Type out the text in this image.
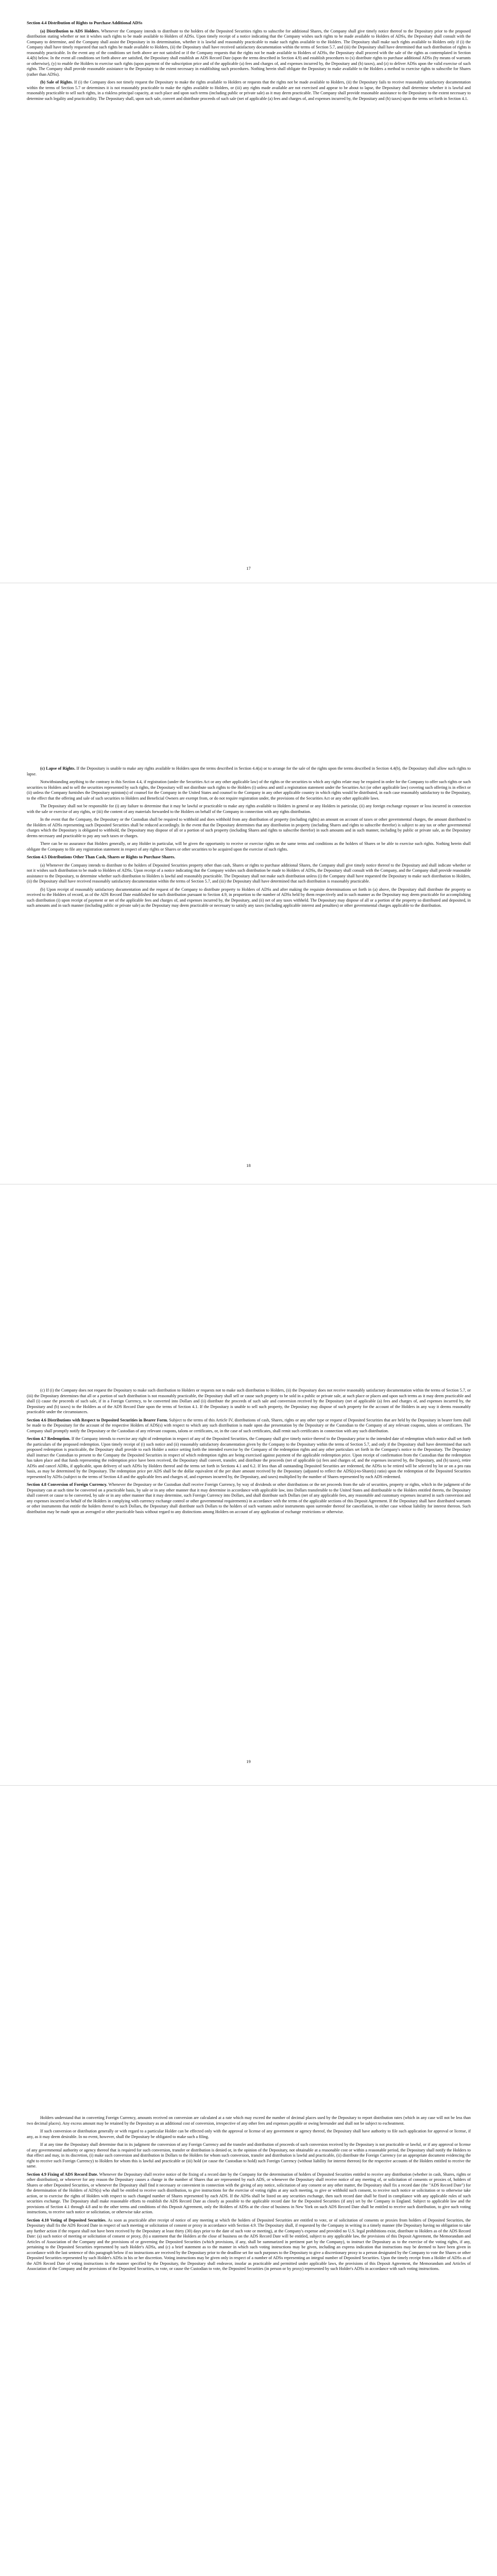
Section 4.4 Distribution of Rights to Purchase Additional ADSs

(a) Distribution to ADS Holders. Whenever the Company intends to distribute to the holders of the Deposited Securities rights to subscribe for additional Shares, the Company shall give timely notice thereof to the Depositary prior to the proposed distribution stating whether or not it wishes such rights to be made available to Holders of ADSs. Upon timely receipt of a notice indicating that the Company wishes such rights to be made available to Holders of ADSs, the Depositary shall consult with the Company to determine, and the Company shall assist the Depositary in its determination, whether it is lawful and reasonably practicable to make such rights available to the Holders. The Depositary shall make such rights available to Holders only if (i) the Company shall have timely requested that such rights be made available to Holders, (ii) the Depositary shall have received satisfactory documentation within the terms of Section 5.7, and (iii) the Depositary shall have determined that such distribution of rights is reasonably practicable. In the event any of the conditions set forth above are not satisfied or if the Company requests that the rights not be made available to Holders of ADSs, the Depositary shall proceed with the sale of the rights as contemplated in Section 4.4(b) below. In the event all conditions set forth above are satisfied, the Depositary shall establish an ADS Record Date (upon the terms described in Section 4.9) and establish procedures to (x) distribute rights to purchase additional ADSs (by means of warrants or otherwise), (y) to enable the Holders to exercise such rights (upon payment of the subscription price and of the applicable (a) fees and charges of, and expenses incurred by, the Depositary and (b) taxes), and (z) to deliver ADSs upon the valid exercise of such rights. The Company shall provide reasonable assistance to the Depositary to the extent necessary in establishing such procedures. Nothing herein shall obligate the Depositary to make available to the Holders a method to exercise rights to subscribe for Shares (rather than ADSs).

(b) Sale of Rights. If (i) the Company does not timely request the Depositary to make the rights available to Holders or requests that the rights not be made available to Holders, (ii) the Depositary fails to receive reasonably satisfactory documentation within the terms of Section 5.7 or determines it is not reasonably practicable to make the rights available to Holders, or (iii) any rights made available are not exercised and appear to be about to lapse, the Depositary shall determine whether it is lawful and reasonably practicable to sell such rights, in a riskless principal capacity, at such place and upon such terms (including public or private sale) as it may deem practicable. The Company shall provide reasonable assistance to the Depositary to the extent necessary to determine such legality and practicability. The Depositary shall, upon such sale, convert and distribute proceeds of such sale (net of applicable (a) fees and charges of, and expenses incurred by, the Depositary and (b) taxes) upon the terms set forth in Section 4.1.

17

(c) Lapse of Rights. If the Depositary is unable to make any rights available to Holders upon the terms described in Section 4.4(a) or to arrange for the sale of the rights upon the terms described in Section 4.4(b), the Depositary shall allow such rights to lapse.

Notwithstanding anything to the contrary in this Section 4.4, if registration (under the Securities Act or any other applicable law) of the rights or the securities to which any rights relate may be required in order for the Company to offer such rights or such securities to Holders and to sell the securities represented by such rights, the Depositary will not distribute such rights to the Holders (i) unless and until a registration statement under the Securities Act (or other applicable law) covering such offering is in effect or (ii) unless the Company furnishes the Depositary opinion(s) of counsel for the Company in the United States and counsel to the Company in any other applicable country in which rights would be distributed, in each case reasonably satisfactory to the Depositary, to the effect that the offering and sale of such securities to Holders and Beneficial Owners are exempt from, or do not require registration under, the provisions of the Securities Act or any other applicable laws.

The Depositary shall not be responsible for (i) any failure to determine that it may be lawful or practicable to make any rights available to Holders in general or any Holders in particular, (ii) any foreign exchange exposure or loss incurred in connection with the sale or exercise of any rights, or (iii) the content of any materials forwarded to the Holders on behalf of the Company in connection with any rights distribution.

In the event that the Company, the Depositary or the Custodian shall be required to withhold and does withhold from any distribution of property (including rights) an amount on account of taxes or other governmental charges, the amount distributed to the Holders of ADSs representing such Deposited Securities shall be reduced accordingly. In the event that the Depositary determines that any distribution in property (including Shares and rights to subscribe therefor) is subject to any tax or other governmental charges which the Depositary is obligated to withhold, the Depositary may dispose of all or a portion of such property (including Shares and rights to subscribe therefor) in such amounts and in such manner, including by public or private sale, as the Depositary deems necessary and practicable to pay any such taxes or charges.

There can be no assurance that Holders generally, or any Holder in particular, will be given the opportunity to receive or exercise rights on the same terms and conditions as the holders of Shares or be able to exercise such rights. Nothing herein shall obligate the Company to file any registration statement in respect of any rights or Shares or other securities to be acquired upon the exercise of such rights.

Section 4.5 Distributions Other Than Cash, Shares or Rights to Purchase Shares.

(a) Whenever the Company intends to distribute to the holders of Deposited Securities property other than cash, Shares or rights to purchase additional Shares, the Company shall give timely notice thereof to the Depositary and shall indicate whether or not it wishes such distribution to be made to Holders of ADSs. Upon receipt of a notice indicating that the Company wishes such distribution be made to Holders of ADSs, the Depositary shall consult with the Company, and the Company shall provide reasonable assistance to the Depositary, to determine whether such distribution to Holders is lawful and reasonably practicable. The Depositary shall not make such distribution unless (i) the Company shall have requested the Depositary to make such distribution to Holders, (ii) the Depositary shall have received reasonably satisfactory documentation within the terms of Section 5.7, and (iii) the Depositary shall have determined that such distribution is reasonably practicable.

(b) Upon receipt of reasonably satisfactory documentation and the request of the Company to distribute property to Holders of ADSs and after making the requisite determinations set forth in (a) above, the Depositary shall distribute the property so received to the Holders of record, as of the ADS Record Date established for such distribution pursuant to Section 4.9, in proportion to the number of ADSs held by them respectively and in such manner as the Depositary may deem practicable for accomplishing such distribution (i) upon receipt of payment or net of the applicable fees and charges of, and expenses incurred by, the Depositary, and (ii) net of any taxes withheld. The Depositary may dispose of all or a portion of the property so distributed and deposited, in such amounts and in such manner (including public or private sale) as the Depositary may deem practicable or necessary to satisfy any taxes (including applicable interest and penalties) or other governmental charges applicable to the distribution.

18

(c) If (i) the Company does not request the Depositary to make such distribution to Holders or requests not to make such distribution to Holders, (ii) the Depositary does not receive reasonably satisfactory documentation within the terms of Section 5.7, or (iii) the Depositary determines that all or a portion of such distribution is not reasonably practicable, the Depositary shall sell or cause such property to be sold in a public or private sale, at such place or places and upon such terms as it may deem practicable and shall (i) cause the proceeds of such sale, if in a Foreign Currency, to be converted into Dollars and (ii) distribute the proceeds of such sale and conversion received by the Depositary (net of applicable (a) fees and charges of, and expenses incurred by, the Depositary and (b) taxes) to the Holders as of the ADS Record Date upon the terms of Section 4.1. If the Depositary is unable to sell such property, the Depositary may dispose of such property for the account of the Holders in any way it deems reasonably practicable under the circumstances.

Section 4.6 Distributions with Respect to Deposited Securities in Bearer Form. Subject to the terms of this Article IV, distributions of cash, Shares, rights or any other type or request of Deposited Securities that are held by the Depositary in bearer form shall be made to the Depositary for the account of the respective Holders of ADS(s) with respect to which any such distribution is made upon due presentation by the Depositary or the Custodian to the Company of any relevant coupons, talons or certificates. The Company shall promptly notify the Depositary or the Custodian of any relevant coupons, talons or certificates, or, in the case of such certificates, shall remit such certificates in connection with any such distribution.

Section 4.7 Redemption. If the Company intends to exercise any right of redemption in respect of any of the Deposited Securities, the Company shall give timely notice thereof to the Depositary prior to the intended date of redemption which notice shall set forth the particulars of the proposed redemption. Upon timely receipt of (i) such notice and (ii) reasonably satisfactory documentation given by the Company to the Depositary within the terms of Section 5.7, and only if the Depositary shall have determined that such proposed redemption is practicable, the Depositary shall provide to each Holder a notice setting forth the intended exercise by the Company of the redemption rights and any other particulars set forth in the Company's notice to the Depositary. The Depositary shall instruct the Custodian to present to the Company the Deposited Securities in respect of which redemption rights are being exercised against payment of the applicable redemption price. Upon receipt of confirmation from the Custodian that the redemption has taken place and that funds representing the redemption price have been received, the Depositary shall convert, transfer, and distribute the proceeds (net of applicable (a) fees and charges of, and the expenses incurred by, the Depositary, and (b) taxes), retire ADSs and cancel ADRs, if applicable, upon delivery of such ADSs by Holders thereof and the terms set forth in Sections 4.1 and 6.2. If less than all outstanding Deposited Securities are redeemed, the ADSs to be retired will be selected by lot or on a pro rata basis, as may be determined by the Depositary. The redemption price per ADS shall be the dollar equivalent of the per share amount received by the Depositary (adjusted to reflect the ADS(s)-to-Share(s) ratio) upon the redemption of the Deposited Securities represented by ADSs (subject to the terms of Section 4.8 and the applicable fees and charges of, and expenses incurred by, the Depositary, and taxes) multiplied by the number of Shares represented by each ADS redeemed.

Section 4.8 Conversion of Foreign Currency. Whenever the Depositary or the Custodian shall receive Foreign Currency, by way of dividends or other distributions or the net proceeds from the sale of securities, property or rights, which in the judgment of the Depositary can at such time be converted on a practicable basis, by sale or in any other manner that it may determine in accordance with applicable law, into Dollars transferable to the United States and distributable to the Holders entitled thereto, the Depositary shall convert or cause to be converted, by sale or in any other manner that it may determine, such Foreign Currency into Dollars, and shall distribute such Dollars (net of any applicable fees, any reasonable and customary expenses incurred in such conversion and any expenses incurred on behalf of the Holders in complying with currency exchange control or other governmental requirements) in accordance with the terms of the applicable sections of this Deposit Agreement. If the Depositary shall have distributed warrants or other instruments that entitle the holders thereof to such Dollars, the Depositary shall distribute such Dollars to the holders of such warrants and/or instruments upon surrender thereof for cancellation, in either case without liability for interest thereon. Such distribution may be made upon an averaged or other practicable basis without regard to any distinctions among Holders on account of any application of exchange restrictions or otherwise.

19

Holders understand that in converting Foreign Currency, amounts received on conversion are calculated at a rate which may exceed the number of decimal places used by the Depositary to report distribution rates (which in any case will not be less than two decimal places). Any excess amount may be retained by the Depositary as an additional cost of conversion, irrespective of any other fees and expenses payable or owing hereunder and shall not be subject to escheatment.

If such conversion or distribution generally or with regard to a particular Holder can be effected only with the approval or license of any government or agency thereof, the Depositary shall have authority to file such application for approval or license, if any, as it may deem desirable. In no event, however, shall the Depositary be obligated to make such a filing.

If at any time the Depositary shall determine that in its judgment the conversion of any Foreign Currency and the transfer and distribution of proceeds of such conversion received by the Depositary is not practicable or lawful, or if any approval or license of any governmental authority or agency thereof that is required for such conversion, transfer or distribution is denied or, in the opinion of the Depositary, not obtainable at a reasonable cost or within a reasonable period, the Depositary shall notify the Holders to that effect and may, in its discretion, (i) make such conversion and distribution in Dollars to the Holders for whom such conversion, transfer and distribution is lawful and practicable, (ii) distribute the Foreign Currency (or an appropriate document evidencing the right to receive such Foreign Currency) to Holders for whom this is lawful and practicable or (iii) hold (or cause the Custodian to hold) such Foreign Currency (without liability for interest thereon) for the respective accounts of the Holders entitled to receive the same.

Section 4.9 Fixing of ADS Record Date. Whenever the Depositary shall receive notice of the fixing of a record date by the Company for the determination of holders of Deposited Securities entitled to receive any distribution (whether in cash, Shares, rights or other distribution), or whenever for any reason the Depositary causes a change in the number of Shares that are represented by each ADS, or whenever the Depositary shall receive notice of any meeting of, or solicitation of consents or proxies of, holders of Shares or other Deposited Securities, or whenever the Depositary shall find it necessary or convenient in connection with the giving of any notice, solicitation of any consent or any other matter, the Depositary shall fix a record date (the "ADS Record Date") for the determination of the Holders of ADS(s) who shall be entitled to receive such distribution, to give instructions for the exercise of voting rights at any such meeting, to give or withhold such consent, to receive such notice or solicitation or to otherwise take action, or to exercise the rights of Holders with respect to such changed number of Shares represented by each ADS. If the ADSs shall be listed on any securities exchange, then such record date shall be fixed in compliance with any applicable rules of such securities exchange. The Depositary shall make reasonable efforts to establish the ADS Record Date as closely as possible to the applicable record date for the Deposited Securities (if any) set by the Company in England. Subject to applicable law and the provisions of Section 4.1 through 4.8 and to the other terms and conditions of this Deposit Agreement, only the Holders of ADSs at the close of business in New York on such ADS Record Date shall be entitled to receive such distribution, to give such voting instructions, to receive such notice or solicitation, or otherwise take action.

Section 4.10 Voting of Deposited Securities. As soon as practicable after receipt of notice of any meeting at which the holders of Deposited Securities are entitled to vote, or of solicitation of consents or proxies from holders of Deposited Securities, the Depositary shall fix the ADS Record Date in respect of such meeting or solicitation of consent or proxy in accordance with Section 4.9. The Depositary shall, if requested by the Company in writing in a timely manner (the Depositary having no obligation to take any further action if the request shall not have been received by the Depositary at least thirty (30) days prior to the date of such vote or meeting), at the Company's expense and provided no U.S. legal prohibitions exist, distribute to Holders as of the ADS Record Date: (a) such notice of meeting or solicitation of consent or proxy, (b) a statement that the Holders at the close of business on the ADS Record Date will be entitled, subject to any applicable law, the provisions of this Deposit Agreement, the Memorandum and Articles of Association of the Company and the provisions of or governing the Deposited Securities (which provisions, if any, shall be summarized in pertinent part by the Company), to instruct the Depositary as to the exercise of the voting rights, if any, pertaining to the Deposited Securities represented by such Holder's ADSs, and (c) a brief statement as to the manner in which such voting instructions may be given, including an express indication that instructions may be deemed to have been given in accordance with the last sentence of this paragraph below if no instructions are received by the Depositary prior to the deadline set for such purposes to the Depositary to give a discretionary proxy to a person designated by the Company to vote the Shares or other Deposited Securities represented by such Holder's ADSs in his or her discretion. Voting instructions may be given only in respect of a number of ADSs representing an integral number of Deposited Securities. Upon the timely receipt from a Holder of ADSs as of the ADS Record Date of voting instructions in the manner specified by the Depositary, the Depositary shall endeavor, insofar as practicable and permitted under applicable laws, the provisions of this Deposit Agreement, the Memorandum and Articles of Association of the Company and the provisions of the Deposited Securities, to vote, or cause the Custodian to vote, the Deposited Securities (in person or by proxy) represented by such Holder's ADSs in accordance with such voting instructions.
